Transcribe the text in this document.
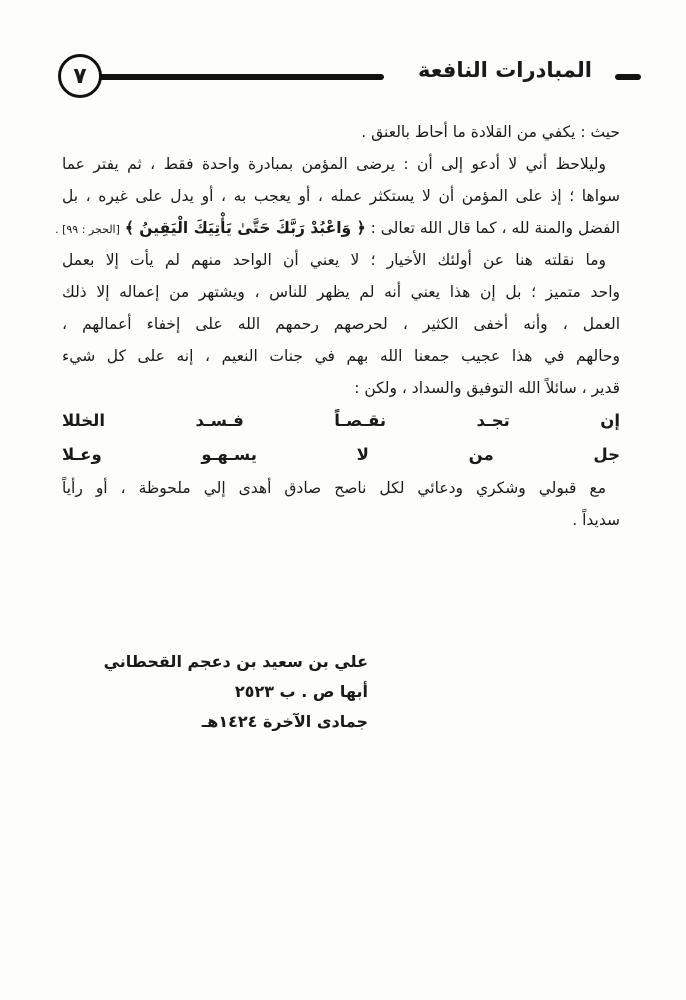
٧	المبادرات النافعة
حيث : يكفي من القلادة ما أحاط بالعنق .
وليلاحظ أني لا أدعو إلى أن : يرضى المؤمن بمبادرة واحدة فقط ، ثم يفتر عما
سواها ؛ إذ على المؤمن أن لا يستكثر عمله ، أو يعجب به ، أو يدل على غيره ، بل
الفضل والمنة لله ، كما قال الله تعالى : ﴿ وَاعْبُدْ رَبَّكَ حَتَّىٰ يَأْتِيَكَ الْيَقِينُ ﴾ [الحجر : ٩٩] .
وما نقلته هنا عن أولئك الأخيار ؛ لا يعني أن الواحد منهم لم يأت إلا بعمل
واحد متميز ؛ بل إن هذا يعني أنه لم يظهر للناس ، ويشتهر من إعماله إلا ذلك
العمل ، وأنه أخفى الكثير ، لحرصهم رحمهم الله على إخفاء أعمالهم ،
وحالهم في هذا عجيب جمعنا الله بهم في جنات النعيم ، إنه على كل شيء
قدير ، سائلاً الله التوفيق والسداد ، ولكن :
إن تجـد نقـصـاً فـسـد الخللا
جل من لا يسـهـو وعـلا
مع قبولي وشكري ودعائي لكل ناصح صادق أهدى إلي ملحوظة ، أو رأياً
سديداً .
علي بن سعيد بن دعجم القحطاني
أبها ص . ب ٢٥٢٣
جمادى الآخرة ١٤٢٤هـ
